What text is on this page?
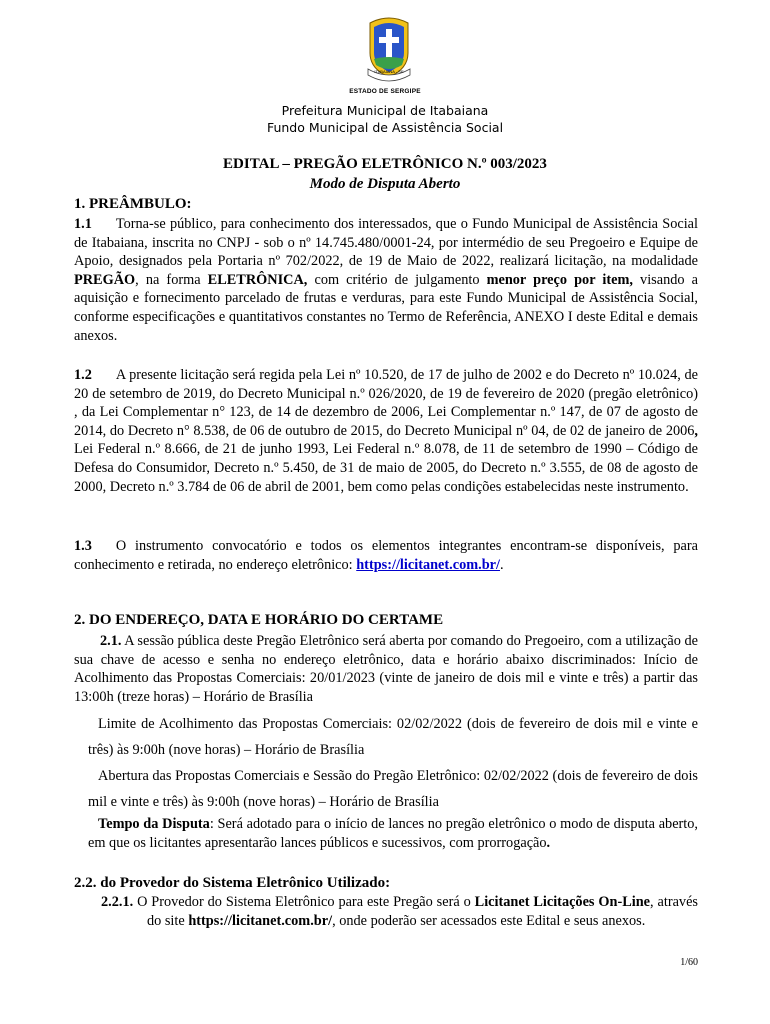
ITABAIANA - SE
ESTADO DE SERGIPE
Prefeitura Municipal de Itabaiana
Fundo Municipal de Assistência Social
EDITAL – PREGÃO ELETRÔNICO N.º 003/2023
Modo de Disputa Aberto
1. PREÂMBULO:

1.1 Torna-se público, para conhecimento dos interessados, que o Fundo Municipal de Assistência Social de Itabaiana, inscrita no CNPJ - sob o nº 14.745.480/0001-24, por intermédio de seu Pregoeiro e Equipe de Apoio, designados pela Portaria nº 702/2022, de 19 de Maio de 2022, realizará licitação, na modalidade PREGÃO, na forma ELETRÔNICA, com critério de julgamento menor preço por item, visando a aquisição e fornecimento parcelado de frutas e verduras, para este Fundo Municipal de Assistência Social, conforme especificações e quantitativos constantes no Termo de Referência, ANEXO I deste Edital e demais anexos.

1.2 A presente licitação será regida pela Lei nº 10.520, de 17 de julho de 2002 e do Decreto nº 10.024, de 20 de setembro de 2019, do Decreto Municipal n.º 026/2020, de 19 de fevereiro de 2020 (pregão eletrônico) , da Lei Complementar n° 123, de 14 de dezembro de 2006, Lei Complementar n.º 147, de 07 de agosto de 2014, do Decreto n° 8.538, de 06 de outubro de 2015, do Decreto Municipal nº 04, de 02 de janeiro de 2006, Lei Federal n.º 8.666, de 21 de junho 1993, Lei Federal n.º 8.078, de 11 de setembro de 1990 – Código de Defesa do Consumidor, Decreto n.º 5.450, de 31 de maio de 2005, do Decreto n.º 3.555, de 08 de agosto de 2000, Decreto n.º 3.784 de 06 de abril de 2001, bem como pelas condições estabelecidas neste instrumento.

1.3 O instrumento convocatório e todos os elementos integrantes encontram-se disponíveis, para conhecimento e retirada, no endereço eletrônico: https://licitanet.com.br/.

2. DO ENDEREÇO, DATA E HORÁRIO DO CERTAME

2.1. A sessão pública deste Pregão Eletrônico será aberta por comando do Pregoeiro, com a utilização de sua chave de acesso e senha no endereço eletrônico, data e horário abaixo discriminados: Início de Acolhimento das Propostas Comerciais: 20/01/2023 (vinte de janeiro de dois mil e vinte e três) a partir das 13:00h (treze horas) – Horário de Brasília

Limite de Acolhimento das Propostas Comerciais: 02/02/2022 (dois de fevereiro de dois mil e vinte e três) às 9:00h (nove horas) – Horário de Brasília

Abertura das Propostas Comerciais e Sessão do Pregão Eletrônico: 02/02/2022 (dois de fevereiro de dois mil e vinte e três) às 9:00h (nove horas) – Horário de Brasília

Tempo da Disputa: Será adotado para o início de lances no pregão eletrônico o modo de disputa aberto, em que os licitantes apresentarão lances públicos e sucessivos, com prorrogação.

2.2. do Provedor do Sistema Eletrônico Utilizado:

2.2.1. O Provedor do Sistema Eletrônico para este Pregão será o Licitanet Licitações On-Line, através do site https://licitanet.com.br/, onde poderão ser acessados este Edital e seus anexos.

1/60
